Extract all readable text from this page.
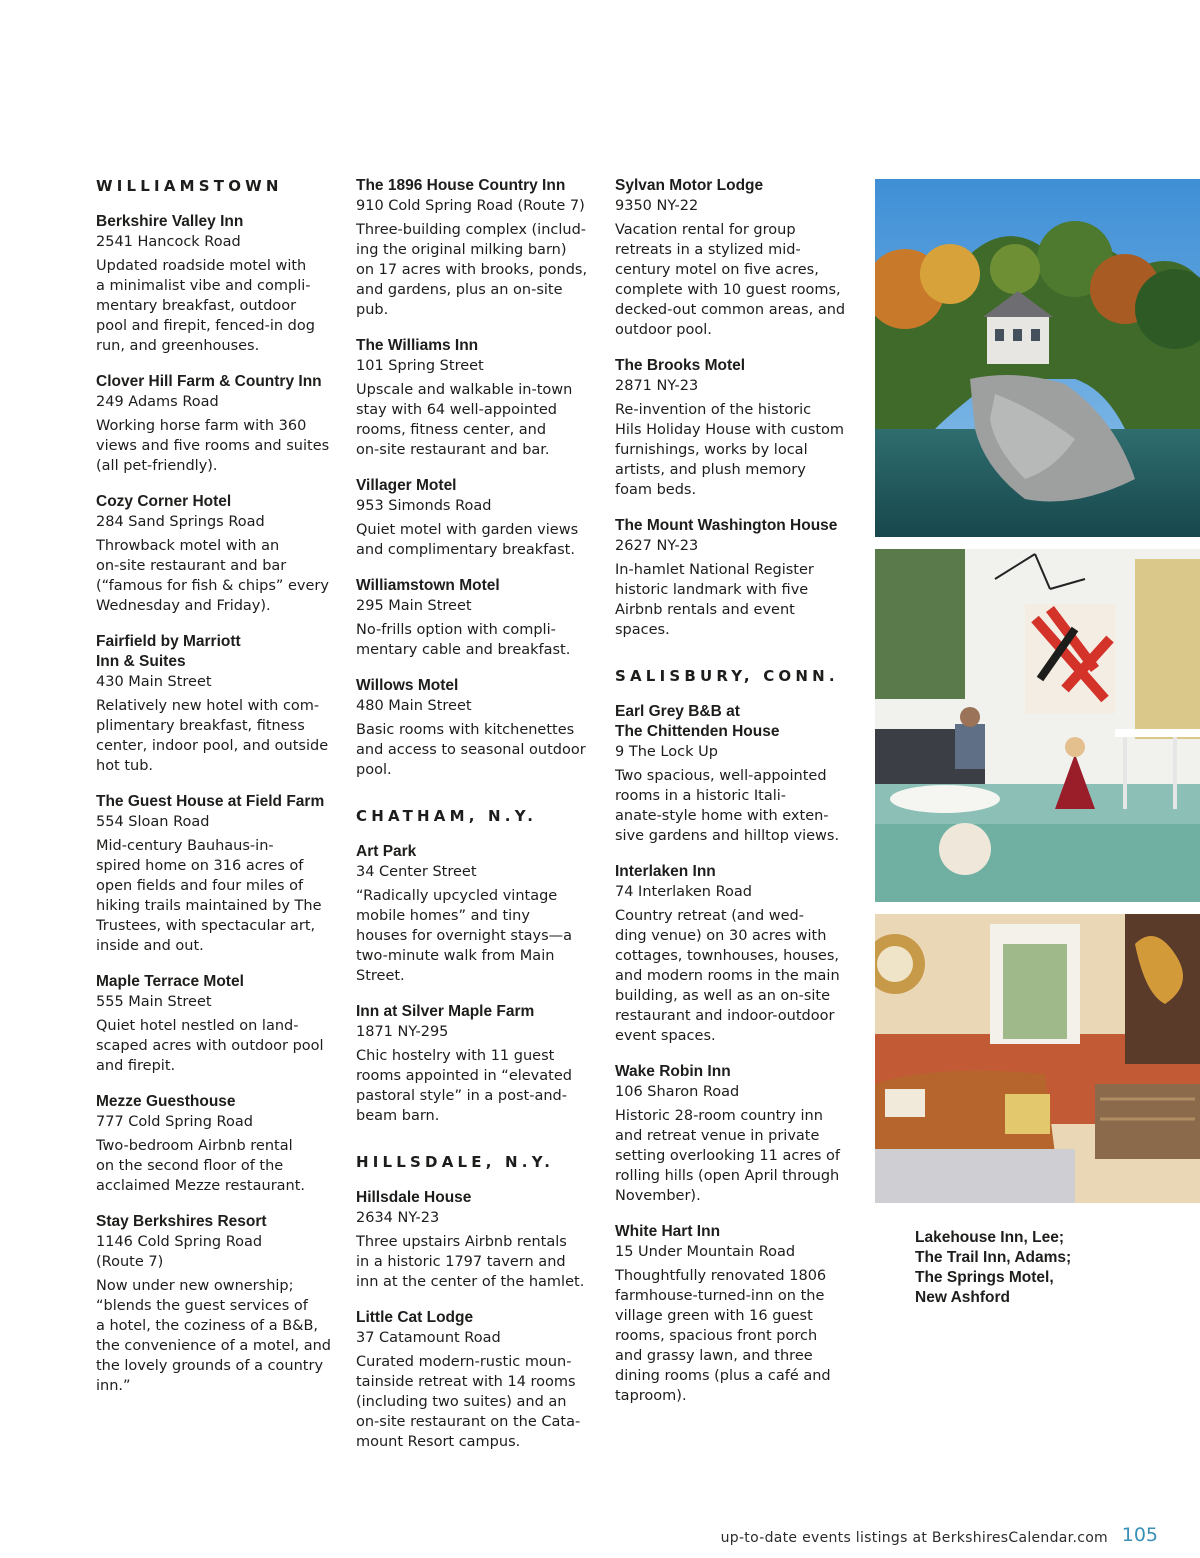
WILLIAMSTOWN
Berkshire Valley Inn
2541 Hancock Road
Updated roadside motel with
a minimalist vibe and compli-
mentary breakfast, outdoor
pool and firepit, fenced-in dog
run, and greenhouses.
Clover Hill Farm & Country Inn
249 Adams Road
Working horse farm with 360
views and five rooms and suites
(all pet-friendly).
Cozy Corner Hotel
284 Sand Springs Road
Throwback motel with an
on-site restaurant and bar
(“famous for fish & chips” every
Wednesday and Friday).
Fairfield by Marriott
Inn & Suites
430 Main Street
Relatively new hotel with com-
plimentary breakfast, fitness
center, indoor pool, and outside
hot tub.
The Guest House at Field Farm
554 Sloan Road
Mid-century Bauhaus-in-
spired home on 316 acres of
open fields and four miles of
hiking trails maintained by The
Trustees, with spectacular art,
inside and out.
Maple Terrace Motel
555 Main Street
Quiet hotel nestled on land-
scaped acres with outdoor pool
and firepit.
Mezze Guesthouse
777 Cold Spring Road
Two-bedroom Airbnb rental
on the second floor of the
acclaimed Mezze restaurant.
Stay Berkshires Resort
1146 Cold Spring Road
(Route 7)
Now under new ownership;
“blends the guest services of
a hotel, the coziness of a B&B,
the convenience of a motel, and
the lovely grounds of a country
inn.”
The 1896 House Country Inn
910 Cold Spring Road (Route 7)
Three-building complex (includ-
ing the original milking barn)
on 17 acres with brooks, ponds,
and gardens, plus an on-site
pub.
The Williams Inn
101 Spring Street
Upscale and walkable in-town
stay with 64 well-appointed
rooms, fitness center, and
on-site restaurant and bar.
Villager Motel
953 Simonds Road
Quiet motel with garden views
and complimentary breakfast.
Williamstown Motel
295 Main Street
No-frills option with compli-
mentary cable and breakfast.
Willows Motel
480 Main Street
Basic rooms with kitchenettes
and access to seasonal outdoor
pool.
CHATHAM, N.Y.
Art Park
34 Center Street
“Radically upcycled vintage
mobile homes” and tiny
houses for overnight stays—a
two-minute walk from Main
Street.
Inn at Silver Maple Farm
1871 NY-295
Chic hostelry with 11 guest
rooms appointed in “elevated
pastoral style” in a post-and-
beam barn.
HILLSDALE, N.Y.
Hillsdale House
2634 NY-23
Three upstairs Airbnb rentals
in a historic 1797 tavern and
inn at the center of the hamlet.
Little Cat Lodge
37 Catamount Road
Curated modern-rustic moun-
tainside retreat with 14 rooms
(including two suites) and an
on-site restaurant on the Cata-
mount Resort campus.
Sylvan Motor Lodge
9350 NY-22
Vacation rental for group
retreats in a stylized mid-
century motel on five acres,
complete with 10 guest rooms,
decked-out common areas, and
outdoor pool.
The Brooks Motel
2871 NY-23
Re-invention of the historic
Hils Holiday House with custom
furnishings, works by local
artists, and plush memory
foam beds.
The Mount Washington House
2627 NY-23
In-hamlet National Register
historic landmark with five
Airbnb rentals and event
spaces.
SALISBURY, CONN.
Earl Grey B&B at
The Chittenden House
9 The Lock Up
Two spacious, well-appointed
rooms in a historic Itali-
anate-style home with exten-
sive gardens and hilltop views.
Interlaken Inn
74 Interlaken Road
Country retreat (and wed-
ding venue) on 30 acres with
cottages, townhouses, houses,
and modern rooms in the main
building, as well as an on-site
restaurant and indoor-outdoor
event spaces.
Wake Robin Inn
106 Sharon Road
Historic 28-room country inn
and retreat venue in private
setting overlooking 11 acres of
rolling hills (open April through
November).
White Hart Inn
15 Under Mountain Road
Thoughtfully renovated 1806
farmhouse-turned-inn on the
village green with 16 guest
rooms, spacious front porch
and grassy lawn, and three
dining rooms (plus a café and
taproom).
Lakehouse Inn, Lee;
The Trail Inn, Adams;
The Springs Motel,
New Ashford
up-to-date events listings at BerkshiresCalendar.com 105
